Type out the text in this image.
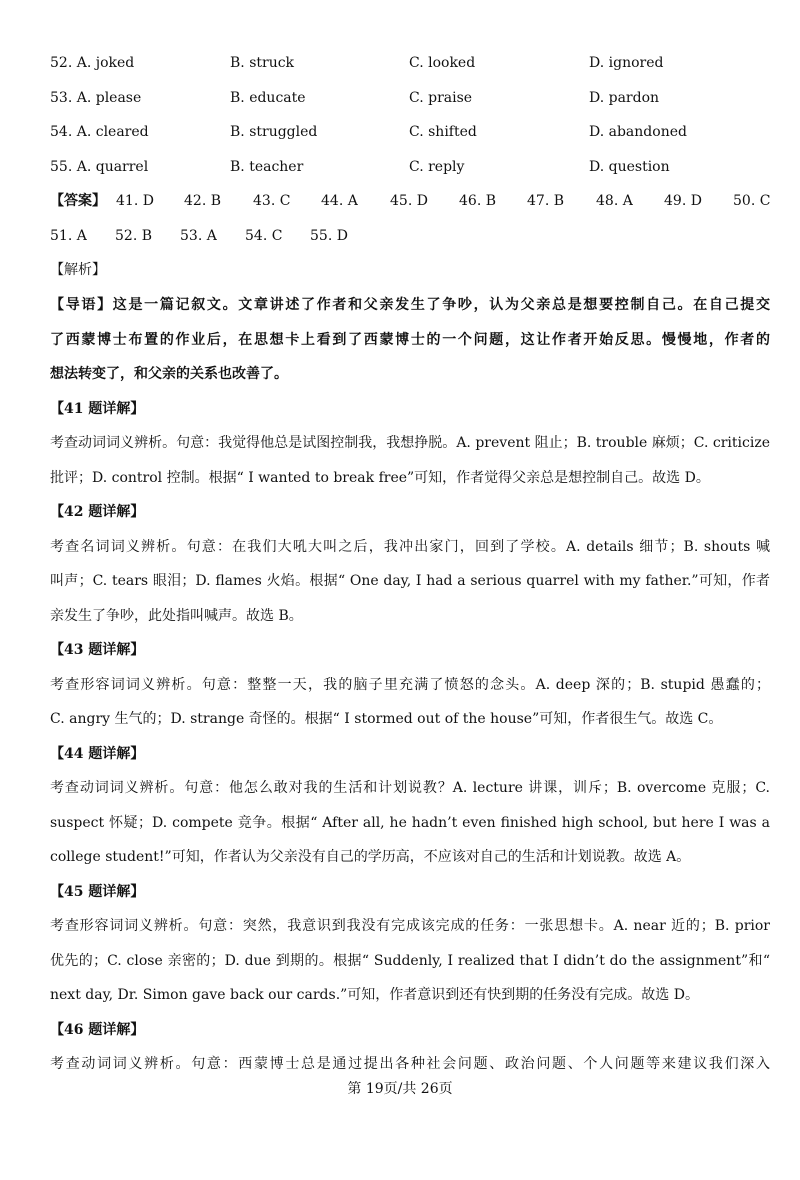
52. A. joked	B. struck	C. looked	D. ignored
53. A. please	B. educate	C. praise	D. pardon
54. A. cleared	B. struggled	C. shifted	D. abandoned
55. A. quarrel	B. teacher	C. reply	D. question
【答案】 41. D 42. B 43. C 44. A 45. D 46. B 47. B 48. A 49. D 50. C
51. A 52. B 53. A 54. C 55. D
【解析】
【导语】这是一篇记叙文。文章讲述了作者和父亲发生了争吵，认为父亲总是想要控制自己。在自己提交
了西蒙博士布置的作业后，在思想卡上看到了西蒙博士的一个问题，这让作者开始反思。慢慢地，作者的
想法转变了，和父亲的关系也改善了。
【41 题详解】
考查动词词义辨析。句意：我觉得他总是试图控制我，我想挣脱。A. prevent 阻止；B. trouble 麻烦；C. criticize
批评；D. control 控制。根据“ I wanted to break free”可知，作者觉得父亲总是想控制自己。故选 D。
【42 题详解】
考查名词词义辨析。句意：在我们大吼大叫之后，我冲出家门，回到了学校。A. details 细节；B. shouts 喊
叫声；C. tears 眼泪；D. flames 火焰。根据“ One day, I had a serious quarrel with my father.”可知，作者
亲发生了争吵，此处指叫喊声。故选 B。
【43 题详解】
考查形容词词义辨析。句意：整整一天，我的脑子里充满了愤怒的念头。A. deep 深的；B. stupid 愚蠢的；
C. angry 生气的；D. strange 奇怪的。根据“ I stormed out of the house”可知，作者很生气。故选 C。
【44 题详解】
考查动词词义辨析。句意：他怎么敢对我的生活和计划说教？A. lecture 讲课，训斥；B. overcome 克服；C.
suspect 怀疑；D. compete 竞争。根据“ After all, he hadn’t even finished high school, but here I was a
college student!”可知，作者认为父亲没有自己的学历高，不应该对自己的生活和计划说教。故选 A。
【45 题详解】
考查形容词词义辨析。句意：突然，我意识到我没有完成该完成的任务：一张思想卡。A. near 近的；B. prior
优先的；C. close 亲密的；D. due 到期的。根据“ Suddenly, I realized that I didn’t do the assignment”和“
next day, Dr. Simon gave back our cards.”可知，作者意识到还有快到期的任务没有完成。故选 D。
【46 题详解】
考查动词词义辨析。句意：西蒙博士总是通过提出各种社会问题、政治问题、个人问题等来建议我们深入
第 19页/共 26页
